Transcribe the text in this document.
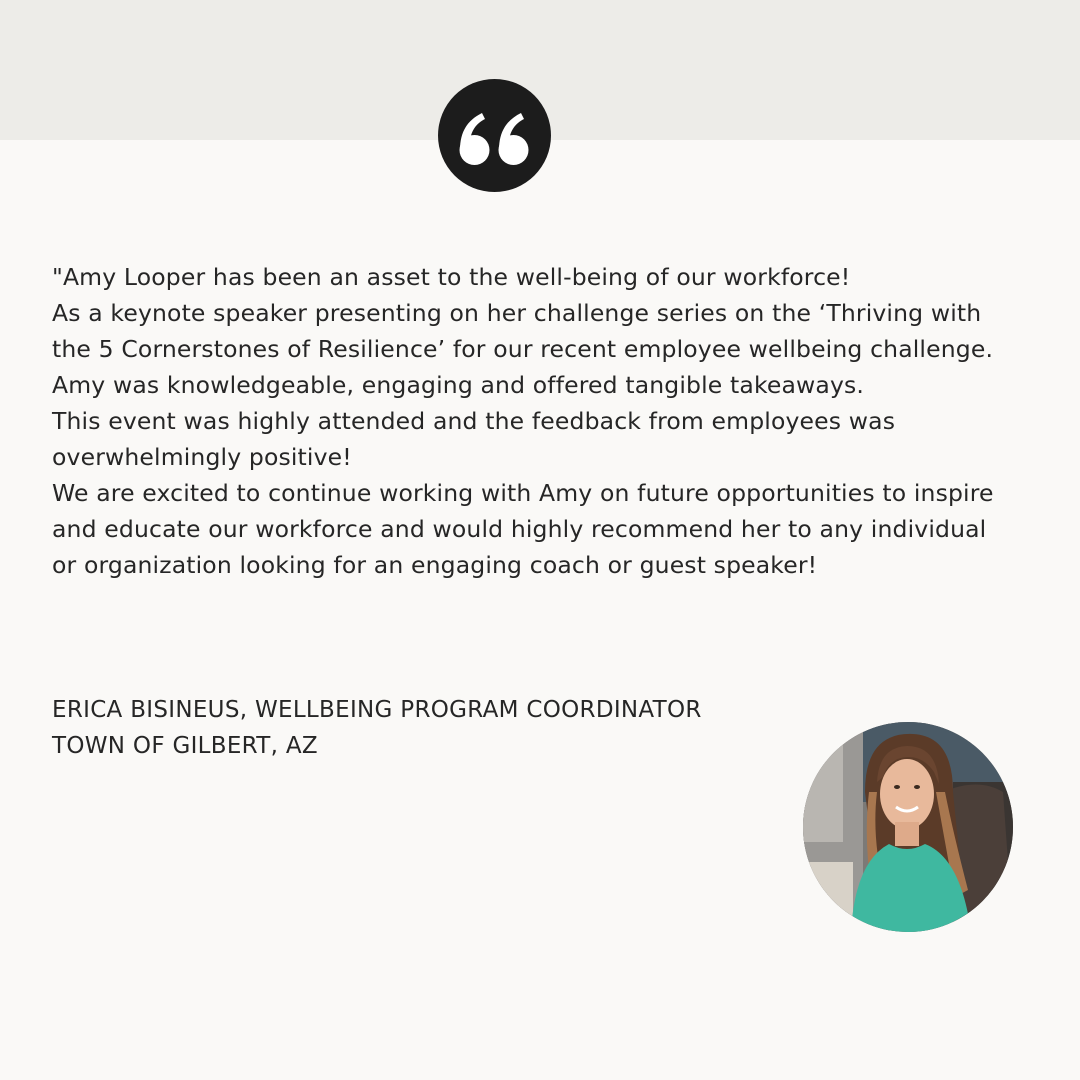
"Amy Looper has been an asset to the well-being of our workforce!

As a keynote speaker presenting on her challenge series on the ‘Thriving with the 5 Cornerstones of Resilience’ for our recent employee wellbeing challenge. Amy was knowledgeable, engaging and offered tangible takeaways.

This event was highly attended and the feedback from employees was overwhelmingly positive!

We are excited to continue working with Amy on future opportunities to inspire and educate our workforce and would highly recommend her to any individual or organization looking for an engaging coach or guest speaker!

ERICA BISINEUS, WELLBEING PROGRAM COORDINATOR
TOWN OF GILBERT, AZ
